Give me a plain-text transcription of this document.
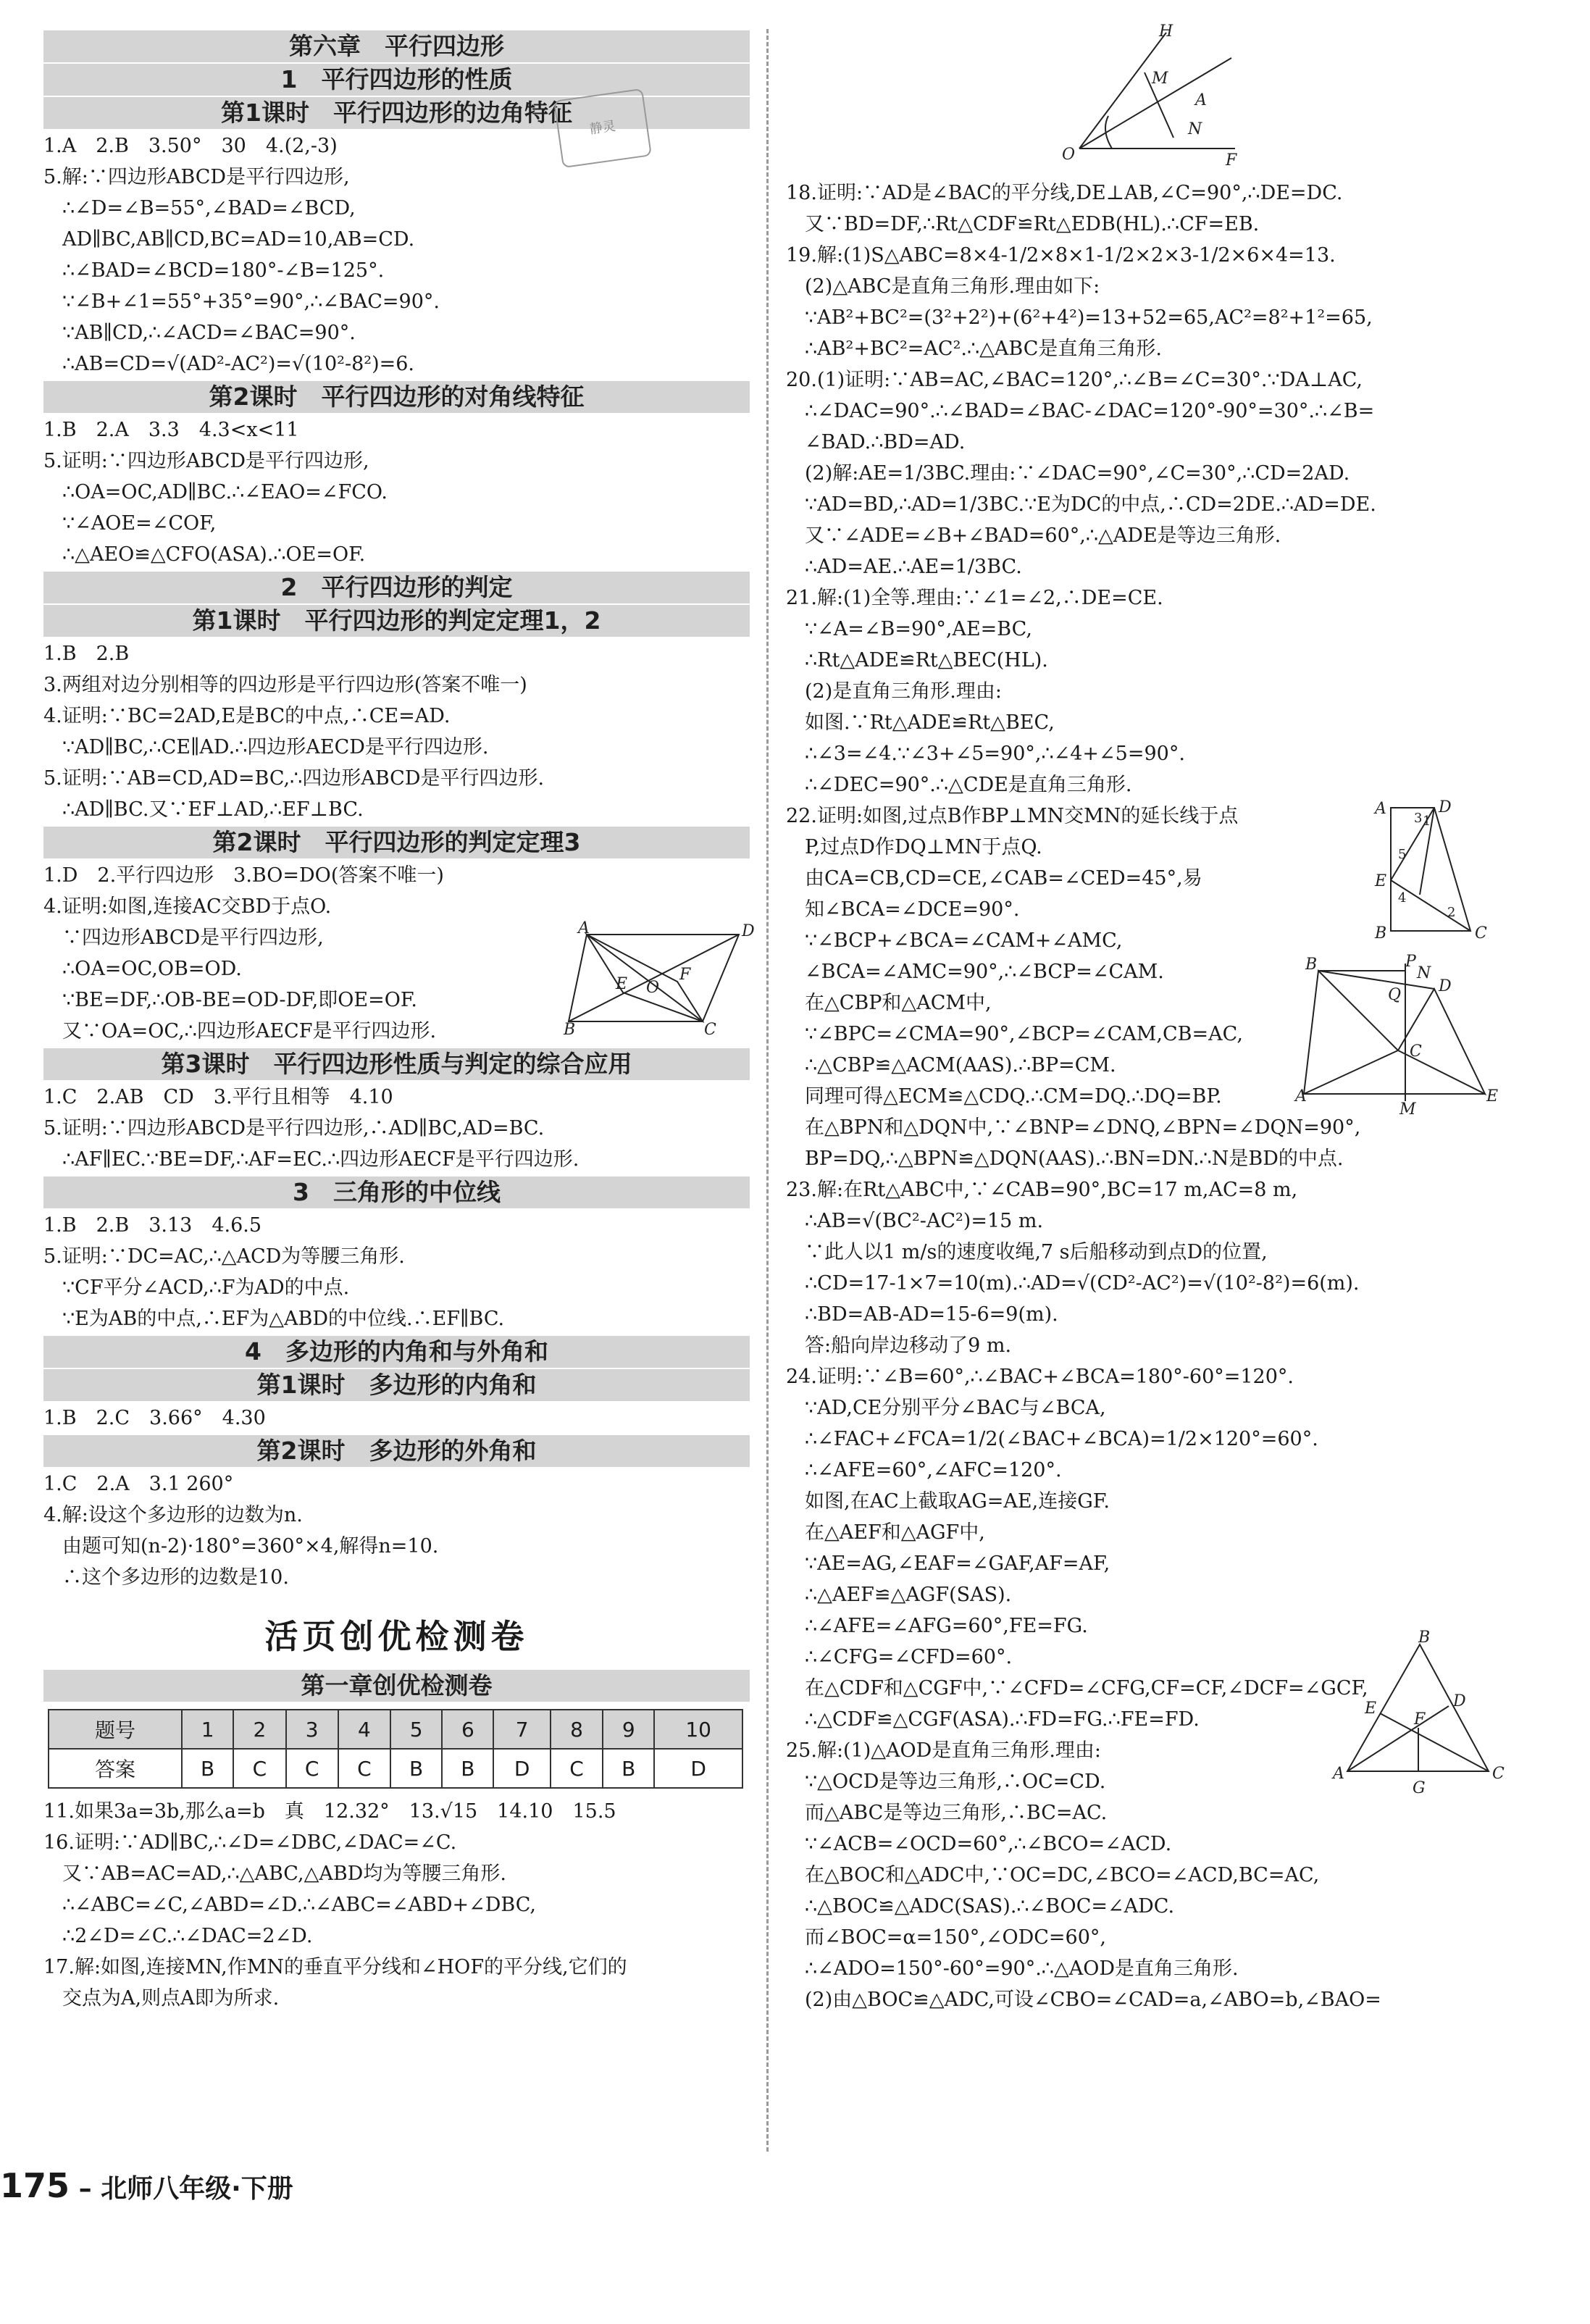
第六章　平行四边形
1　平行四边形的性质
第1课时　平行四边形的边角特征
1.A　2.B　3.50°　30　4.(2,-3)
5.解:∵四边形ABCD是平行四边形,
∴∠D=∠B=55°,∠BAD=∠BCD,
AD∥BC,AB∥CD,BC=AD=10,AB=CD.
∴∠BAD=∠BCD=180°-∠B=125°.
∵∠B+∠1=55°+35°=90°,∴∠BAC=90°.
∵AB∥CD,∴∠ACD=∠BAC=90°.
∴AB=CD=√(AD²-AC²)=√(10²-8²)=6.
第2课时　平行四边形的对角线特征
1.B　2.A　3.3　4.3<x<11
5.证明:∵四边形ABCD是平行四边形,
∴OA=OC,AD∥BC.∴∠EAO=∠FCO.
∵∠AOE=∠COF,
∴△AEO≌△CFO(ASA).∴OE=OF.
2　平行四边形的判定
第1课时　平行四边形的判定定理1，2
1.B　2.B
3.两组对边分别相等的四边形是平行四边形(答案不唯一)
4.证明:∵BC=2AD,E是BC的中点,∴CE=AD.
∵AD∥BC,∴CE∥AD.∴四边形AECD是平行四边形.
5.证明:∵AB=CD,AD=BC,∴四边形ABCD是平行四边形.
∴AD∥BC.又∵EF⊥AD,∴EF⊥BC.
第2课时　平行四边形的判定定理3
1.D　2.平行四边形　3.BO=DO(答案不唯一)
4.证明:如图,连接AC交BD于点O.
∵四边形ABCD是平行四边形,
∴OA=OC,OB=OD.
∵BE=DF,∴OB-BE=OD-DF,即OE=OF.
又∵OA=OC,∴四边形AECF是平行四边形.
第3课时　平行四边形性质与判定的综合应用
1.C　2.AB　CD　3.平行且相等　4.10
5.证明:∵四边形ABCD是平行四边形,∴AD∥BC,AD=BC.
∴AF∥EC.∵BE=DF,∴AF=EC.∴四边形AECF是平行四边形.
3　三角形的中位线
1.B　2.B　3.13　4.6.5
5.证明:∵DC=AC,∴△ACD为等腰三角形.
∵CF平分∠ACD,∴F为AD的中点.
∵E为AB的中点,∴EF为△ABD的中位线.∴EF∥BC.
4　多边形的内角和与外角和
第1课时　多边形的内角和
1.B　2.C　3.66°　4.30
第2课时　多边形的外角和
1.C　2.A　3.1 260°
4.解:设这个多边形的边数为n.
由题可知(n-2)·180°=360°×4,解得n=10.
∴这个多边形的边数是10.
活页创优检测卷
第一章创优检测卷
题号	1	2	3	4	5	6	7	8	9	10
答案	B	C	C	C	B	B	D	C	B	D
11.如果3a=3b,那么a=b　真　12.32°　13.√15　14.10　15.5
16.证明:∵AD∥BC,∴∠D=∠DBC,∠DAC=∠C.
又∵AB=AC=AD,∴△ABC,△ABD均为等腰三角形.
∴∠ABC=∠C,∠ABD=∠D.∴∠ABC=∠ABD+∠DBC,
∴2∠D=∠C.∴∠DAC=2∠D.
17.解:如图,连接MN,作MN的垂直平分线和∠HOF的平分线,它们的
交点为A,则点A即为所求.
静灵
18.证明:∵AD是∠BAC的平分线,DE⊥AB,∠C=90°,∴DE=DC.
又∵BD=DF,∴Rt△CDF≌Rt△EDB(HL).∴CF=EB.
19.解:(1)S△ABC=8×4-1/2×8×1-1/2×2×3-1/2×6×4=13.
(2)△ABC是直角三角形.理由如下:
∵AB²+BC²=(3²+2²)+(6²+4²)=13+52=65,AC²=8²+1²=65,
∴AB²+BC²=AC².∴△ABC是直角三角形.
20.(1)证明:∵AB=AC,∠BAC=120°,∴∠B=∠C=30°.∵DA⊥AC,
∴∠DAC=90°.∴∠BAD=∠BAC-∠DAC=120°-90°=30°.∴∠B=
∠BAD.∴BD=AD.
(2)解:AE=1/3BC.理由:∵∠DAC=90°,∠C=30°,∴CD=2AD.
∵AD=BD,∴AD=1/3BC.∵E为DC的中点,∴CD=2DE.∴AD=DE.
又∵∠ADE=∠B+∠BAD=60°,∴△ADE是等边三角形.
∴AD=AE.∴AE=1/3BC.
21.解:(1)全等.理由:∵∠1=∠2,∴DE=CE.
∵∠A=∠B=90°,AE=BC,
∴Rt△ADE≌Rt△BEC(HL).
(2)是直角三角形.理由:
如图.∵Rt△ADE≌Rt△BEC,
∴∠3=∠4.∵∠3+∠5=90°,∴∠4+∠5=90°.
∴∠DEC=90°.∴△CDE是直角三角形.
22.证明:如图,过点B作BP⊥MN交MN的延长线于点
P,过点D作DQ⊥MN于点Q.
由CA=CB,CD=CE,∠CAB=∠CED=45°,易
知∠BCA=∠DCE=90°.
∵∠BCP+∠BCA=∠CAM+∠AMC,
∠BCA=∠AMC=90°,∴∠BCP=∠CAM.
在△CBP和△ACM中,
∵∠BPC=∠CMA=90°,∠BCP=∠CAM,CB=AC,
∴△CBP≌△ACM(AAS).∴BP=CM.
同理可得△ECM≌△CDQ.∴CM=DQ.∴DQ=BP.
在△BPN和△DQN中,∵∠BNP=∠DNQ,∠BPN=∠DQN=90°,
BP=DQ,∴△BPN≌△DQN(AAS).∴BN=DN.∴N是BD的中点.
23.解:在Rt△ABC中,∵∠CAB=90°,BC=17 m,AC=8 m,
∴AB=√(BC²-AC²)=15 m.
∵此人以1 m/s的速度收绳,7 s后船移动到点D的位置,
∴CD=17-1×7=10(m).∴AD=√(CD²-AC²)=√(10²-8²)=6(m).
∴BD=AB-AD=15-6=9(m).
答:船向岸边移动了9 m.
24.证明:∵∠B=60°,∴∠BAC+∠BCA=180°-60°=120°.
∵AD,CE分别平分∠BAC与∠BCA,
∴∠FAC+∠FCA=1/2(∠BAC+∠BCA)=1/2×120°=60°.
∴∠AFE=60°,∠AFC=120°.
如图,在AC上截取AG=AE,连接GF.
在△AEF和△AGF中,
∵AE=AG,∠EAF=∠GAF,AF=AF,
∴△AEF≌△AGF(SAS).
∴∠AFE=∠AFG=60°,FE=FG.
∴∠CFG=∠CFD=60°.
在△CDF和△CGF中,∵∠CFD=∠CFG,CF=CF,∠DCF=∠GCF,
∴△CDF≌△CGF(ASA).∴FD=FG.∴FE=FD.
25.解:(1)△AOD是直角三角形.理由:
∵△OCD是等边三角形,∴OC=CD.
而△ABC是等边三角形,∴BC=AC.
∵∠ACB=∠OCD=60°,∴∠BCO=∠ACD.
在△BOC和△ADC中,∵OC=DC,∠BCO=∠ACD,BC=AC,
∴△BOC≌△ADC(SAS).∴∠BOC=∠ADC.
而∠BOC=α=150°,∠ODC=60°,
∴∠ADO=150°-60°=90°.∴△AOD是直角三角形.
(2)由△BOC≌△ADC,可设∠CBO=∠CAD=a,∠ABO=b,∠BAO=
H
M
A
N
O	F
A	D
B	C
E O
F
A	D
E
B	C
3
5
4
1
2
B	P
N
D
Q
C
A
M
E
B
E
F
D
A
G
C
175 – 北师八年级·下册
